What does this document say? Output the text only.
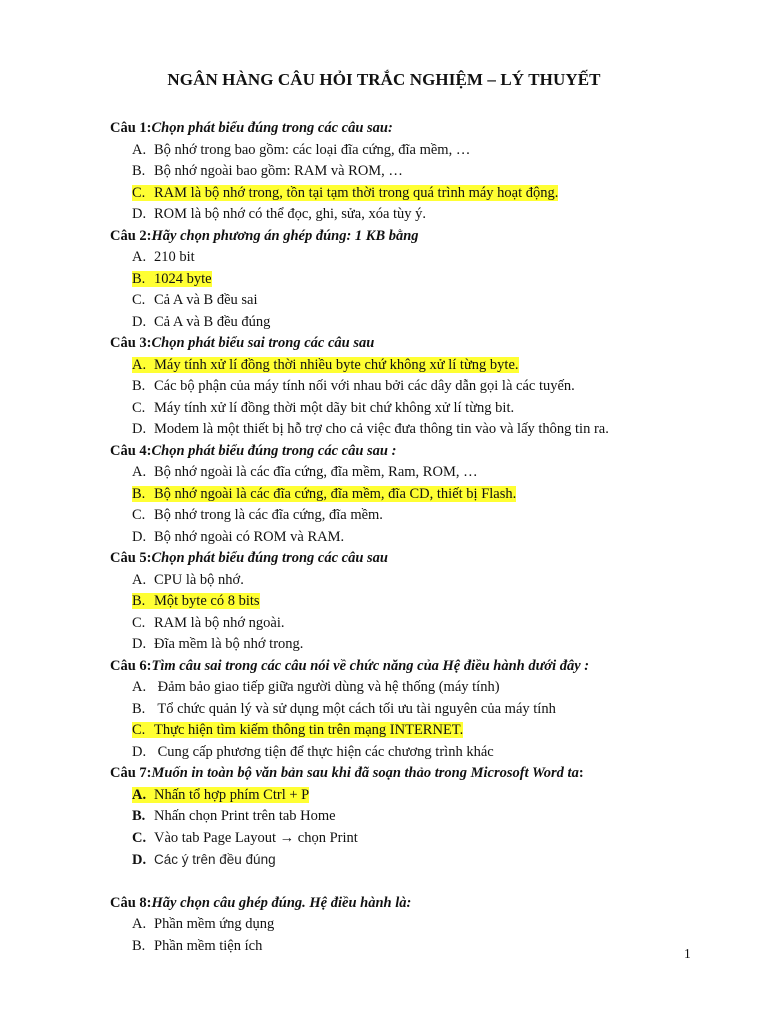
NGÂN HÀNG CÂU HỎI TRẮC NGHIỆM – LÝ THUYẾT
Câu 1:Chọn phát biểu đúng trong các câu sau:
A. Bộ nhớ trong bao gồm: các loại đĩa cứng, đĩa mềm, …
B. Bộ nhớ ngoài bao gồm: RAM và ROM, …
C. RAM là bộ nhớ trong, tồn tại tạm thời trong quá trình máy hoạt động.
D. ROM là bộ nhớ có thể đọc, ghi, sửa, xóa tùy ý.
Câu 2:Hãy chọn phương án ghép đúng: 1 KB bằng
A. 210 bit
B. 1024 byte
C. Cả A và B đều sai
D. Cả A và B đều đúng
Câu 3:Chọn phát biểu sai trong các câu sau
A. Máy tính xử lí đồng thời nhiều byte chứ không xử lí từng byte.
B. Các bộ phận của máy tính nối với nhau bởi các dây dẫn gọi là các tuyến.
C. Máy tính xử lí đồng thời một dãy bit chứ không xử lí từng bit.
D. Modem là một thiết bị hỗ trợ cho cả việc đưa thông tin vào và lấy thông tin ra.
Câu 4:Chọn phát biểu đúng trong các câu sau :
A. Bộ nhớ ngoài là các đĩa cứng, đĩa mềm, Ram, ROM, …
B. Bộ nhớ ngoài là các đĩa cứng, đĩa mềm, đĩa CD, thiết bị Flash.
C. Bộ nhớ trong là các đĩa cứng, đĩa mềm.
D. Bộ nhớ ngoài có ROM và RAM.
Câu 5:Chọn phát biểu đúng trong các câu sau
A. CPU là bộ nhớ.
B. Một byte có 8 bits
C. RAM là bộ nhớ ngoài.
D. Đĩa mềm là bộ nhớ trong.
Câu 6:Tìm câu sai trong các câu nói về chức năng của Hệ điều hành dưới đây :
A. Đảm bảo giao tiếp giữa người dùng và hệ thống (máy tính)
B. Tổ chức quản lý và sử dụng một cách tối ưu tài nguyên của máy tính
C. Thực hiện tìm kiếm thông tin trên mạng INTERNET.
D. Cung cấp phương tiện để thực hiện các chương trình khác
Câu 7:Muốn in toàn bộ văn bản sau khi đã soạn thảo trong Microsoft Word ta:
A. Nhấn tổ hợp phím Ctrl + P
B. Nhấn chọn Print trên tab Home
C. Vào tab Page Layout → chọn Print
D. Các ý trên đều đúng
Câu 8:Hãy chọn câu ghép đúng. Hệ điều hành là:
A. Phần mềm ứng dụng
B. Phần mềm tiện ích	1
